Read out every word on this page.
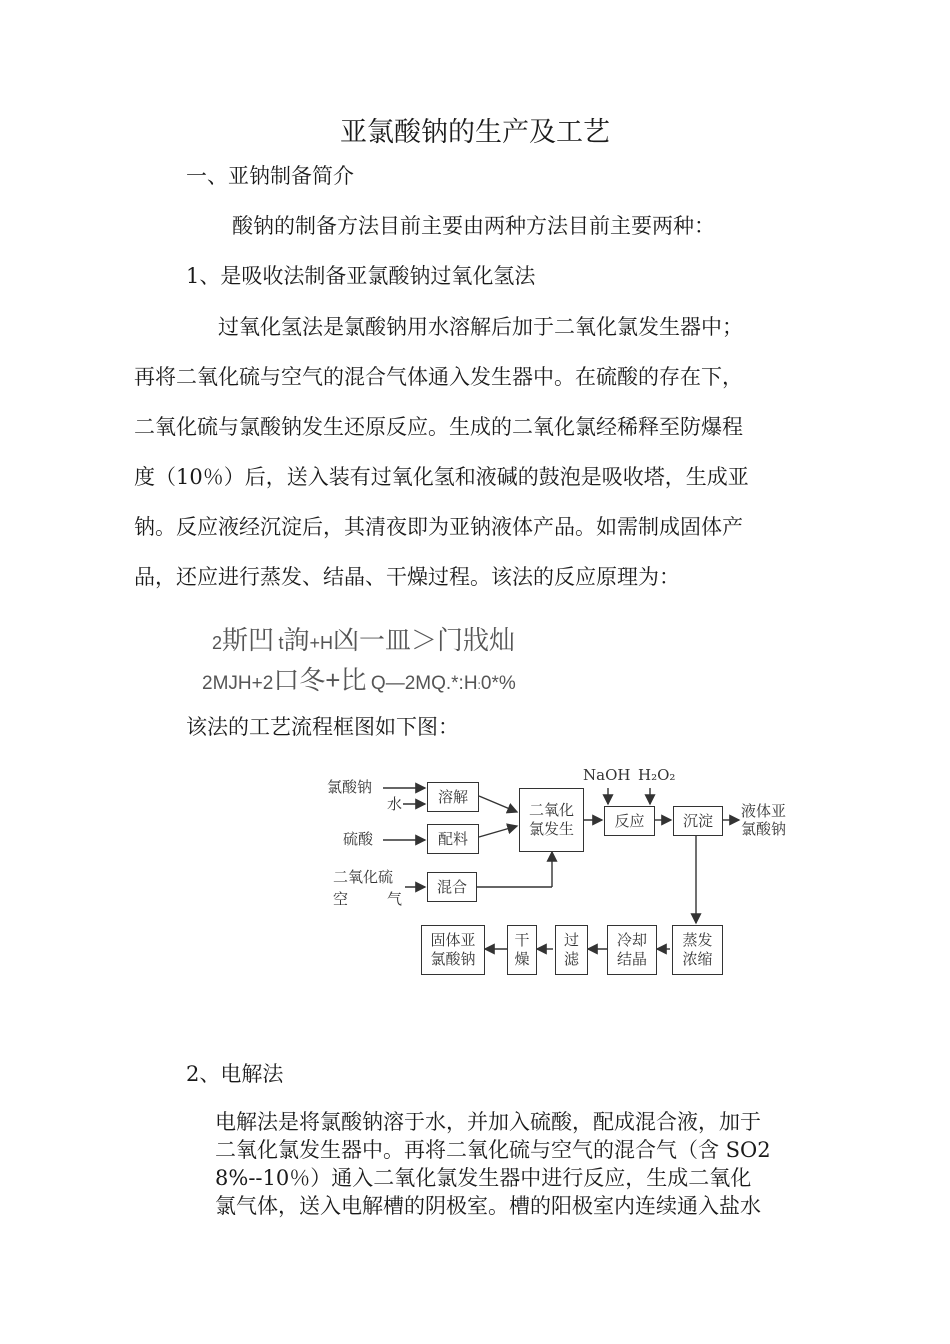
亚氯酸钠的生产及工艺
一、亚钠制备简介
酸钠的制备方法目前主要由两种方法目前主要两种：
1、是吸收法制备亚氯酸钠过氧化氢法
过氧化氢法是氯酸钠用水溶解后加于二氧化氯发生器中；
再将二氧化硫与空气的混合气体通入发生器中。在硫酸的存在下，
二氧化硫与氯酸钠发生还原反应。生成的二氧化氯经稀释至防爆程
度（10％）后，送入装有过氧化氢和液碱的鼓泡是吸收塔，生成亚
钠。反应液经沉淀后，其清夜即为亚钠液体产品。如需制成固体产
品，还应进行蒸发、结晶、干燥过程。该法的反应原理为：
2斯凹 t詢+H凶一皿＞门戕灿
2MJH+2口冬+比 Q—2MQ.*:H:0*%
该法的工艺流程框图如下图：
氯酸钠
水
硫酸
二氧化硫
空	气
NaOH H₂O₂
溶解
配料
混合
二氧化
氯发生	反应	沉淀
液体亚
氯酸钠
蒸发
浓缩
冷却
结晶
过
滤
干
燥
固体亚
氯酸钠
2、电解法
电解法是将氯酸钠溶于水，并加入硫酸，配成混合液，加于
二氧化氯发生器中。再将二氧化硫与空气的混合气（含 SO2
8%--10％）通入二氧化氯发生器中进行反应，生成二氧化
氯气体，送入电解槽的阴极室。槽的阳极室内连续通入盐水
